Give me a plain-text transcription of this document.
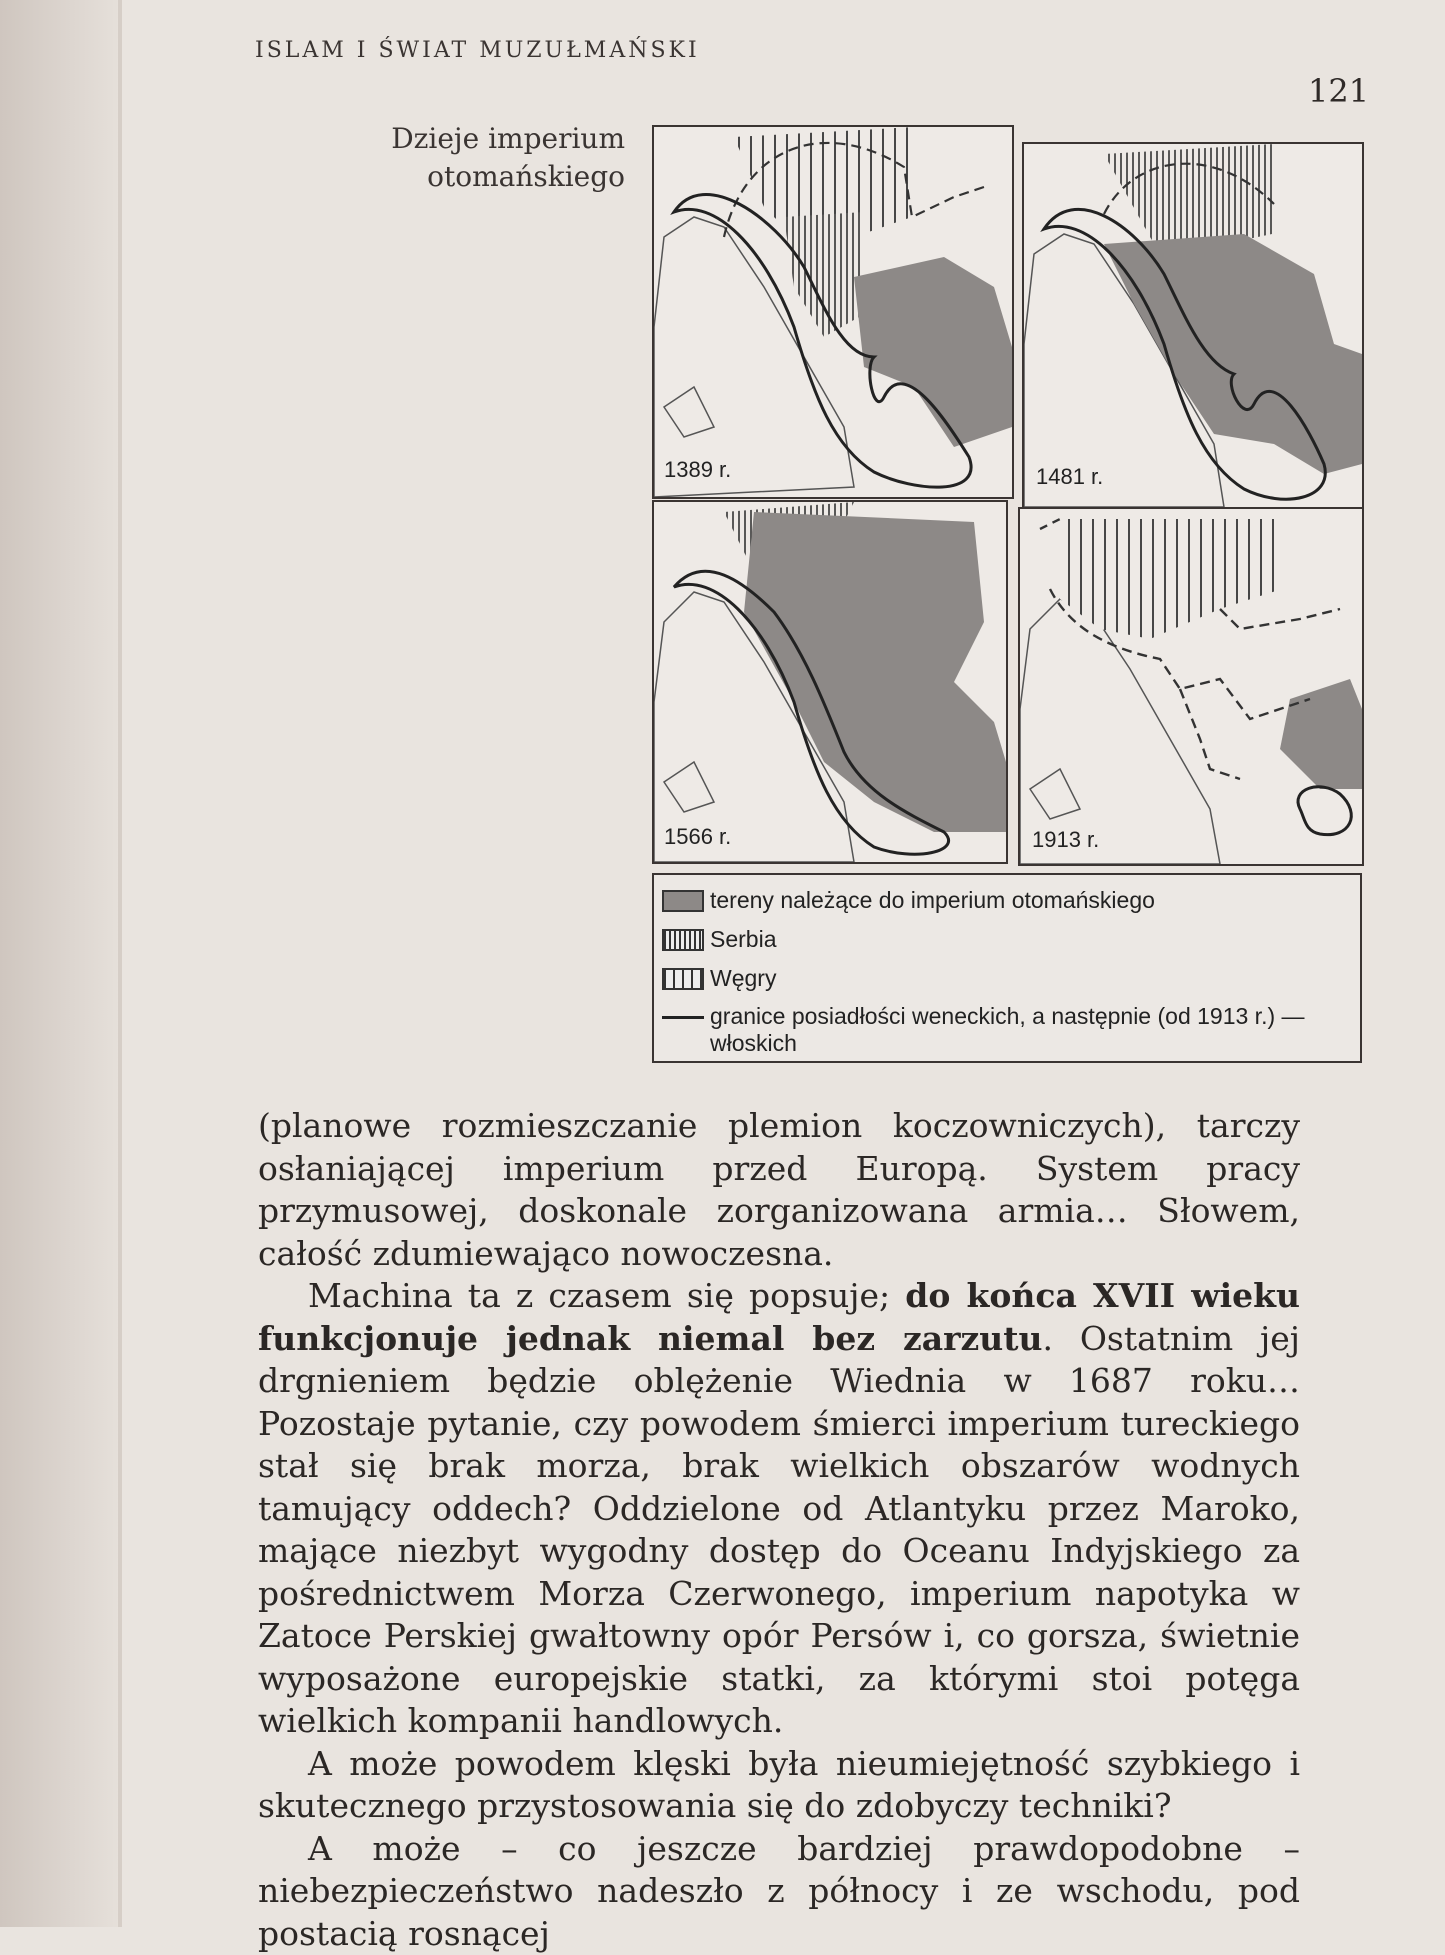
ISLAM I ŚWIAT MUZUŁMAŃSKI
121
Dzieje imperium
otomańskiego
1389 r.	1481 r.
1566 r.	1913 r.
tereny należące do imperium otomańskiego
Serbia
Węgry
granice posiadłości weneckich, a następnie (od 1913 r.) —
włoskich

(planowe rozmieszczanie plemion koczowniczych), tarczy osłaniającej imperium przed Europą. System pracy przymusowej, doskonale zorganizowana armia… Słowem, całość zdumiewająco nowoczesna.

Machina ta z czasem się popsuje; do końca XVII wieku funkcjonuje jednak niemal bez zarzutu. Ostatnim jej drgnieniem będzie oblężenie Wiednia w 1687 roku… Pozostaje pytanie, czy powodem śmierci imperium tureckiego stał się brak morza, brak wielkich obszarów wodnych tamujący oddech? Oddzielone od Atlantyku przez Maroko, mające niezbyt wygodny dostęp do Oceanu Indyjskiego za pośrednictwem Morza Czerwonego, imperium napotyka w Zatoce Perskiej gwałtowny opór Persów i, co gorsza, świetnie wyposażone europejskie statki, za którymi stoi potęga wielkich kompanii handlowych.

A może powodem klęski była nieumiejętność szybkiego i skutecznego przystosowania się do zdobyczy techniki?

A może – co jeszcze bardziej prawdopodobne – niebezpieczeństwo nadeszło z północy i ze wschodu, pod postacią rosnącej
